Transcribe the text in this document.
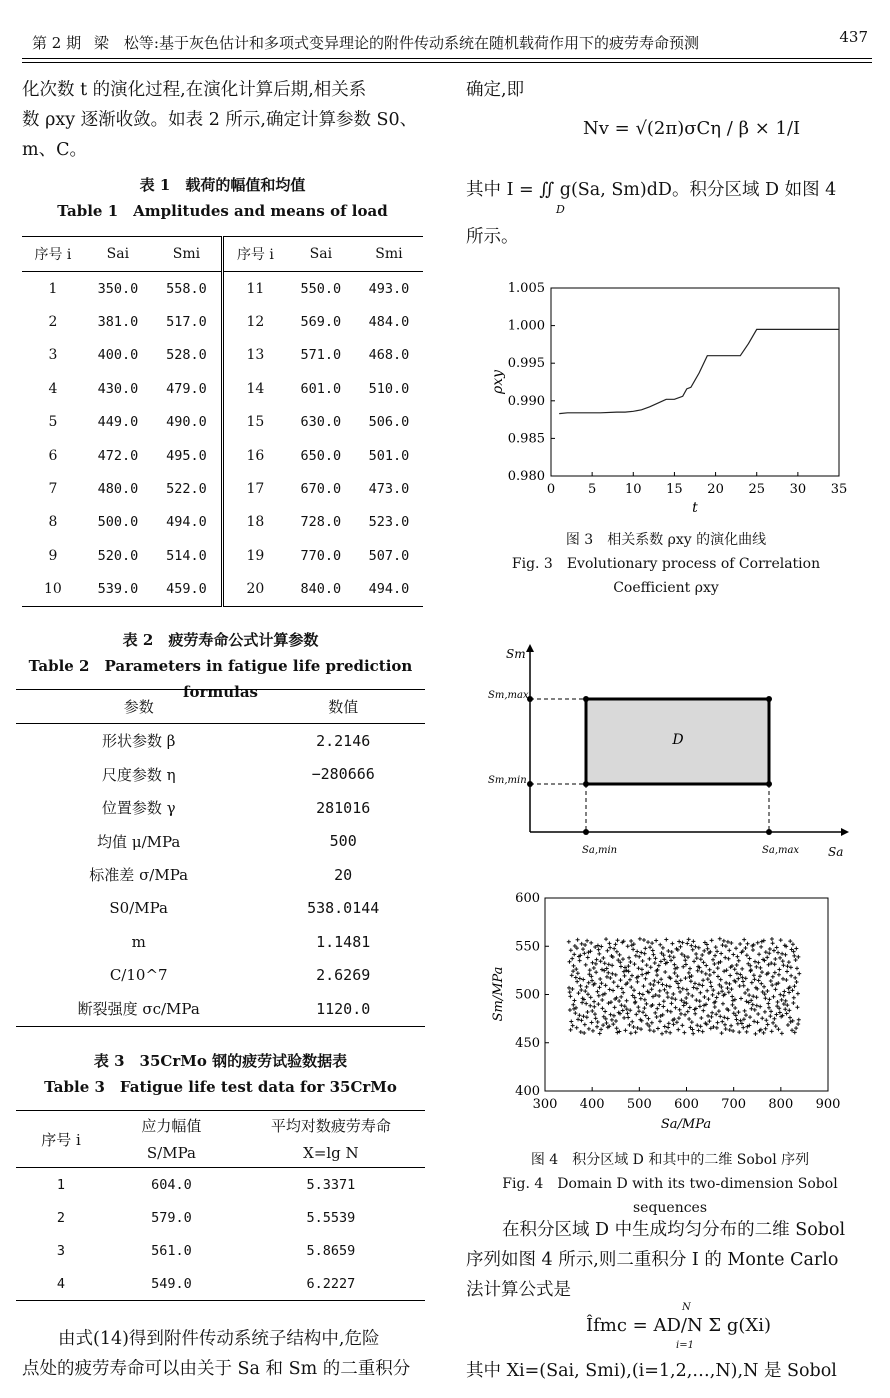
第 2 期 梁　松等:基于灰色估计和多项式变异理论的附件传动系统在随机载荷作用下的疲劳寿命预测	437
化次数 t 的演化过程,在演化计算后期,相关系
数 ρxy 逐渐收敛。如表 2 所示,确定计算参数 S0、
m、C。
表 1　载荷的幅值和均值
Table 1　Amplitudes and means of load
序号 i	Sai	Smi	序号 i	Sai	Smi
1	350.0	558.0	11	550.0	493.0
2	381.0	517.0	12	569.0	484.0
3	400.0	528.0	13	571.0	468.0
4	430.0	479.0	14	601.0	510.0
5	449.0	490.0	15	630.0	506.0
6	472.0	495.0	16	650.0	501.0
7	480.0	522.0	17	670.0	473.0
8	500.0	494.0	18	728.0	523.0
9	520.0	514.0	19	770.0	507.0
10	539.0	459.0	20	840.0	494.0
表 2　疲劳寿命公式计算参数
Table 2　Parameters in fatigue life prediction formulas
参数	数值
形状参数 β	2.2146
尺度参数 η	−280666
位置参数 γ	281016
均值 μ/MPa	500
标准差 σ/MPa	20
S0/MPa	538.0144
m	1.1481
C/10^7	2.6269
断裂强度 σc/MPa	1120.0
表 3　35CrMo 钢的疲劳试验数据表
Table 3　Fatigue life test data for 35CrMo
序号 i	应力幅值	平均对数疲劳寿命
	S/MPa	X=lg N
1	604.0	5.3371
2	579.0	5.5539
3	561.0	5.8659
4	549.0	6.2227
由式(14)得到附件传动系统子结构中,危险
点处的疲劳寿命可以由关于 Sa 和 Sm 的二重积分
确定,即
Nv = √(2π)σCη / β × 1/I
其中 I = ∬ g(Sa, Sm)dD。积分区域 D 如图 4
D
所示。
0	5 10 15 20 25 30 35
0.980
0.985
0.990
0.995
1.000
1.005
t
ρxy
图 3　相关系数 ρxy 的演化曲线
Fig. 3　Evolutionary process of Correlation
Coefficient ρxy
D
Sm
Sa
Sm,max
Sm,min
Sa,min	Sa,max
300 400 500 600 700 800 900
400
450
500
550
600
Sa/MPa
Sm/MPa
图 4　积分区域 D 和其中的二维 Sobol 序列
Fig. 4　Domain D with its two-dimension Sobol sequences
在积分区域 D 中生成均匀分布的二维 Sobol
序列如图 4 所示,则二重积分 I 的 Monte Carlo
法计算公式是
Îfmc = AD/N Σ g(Xi)
N
i=1
其中 Xi=(Sai, Smi),(i=1,2,…,N),N 是 Sobol
